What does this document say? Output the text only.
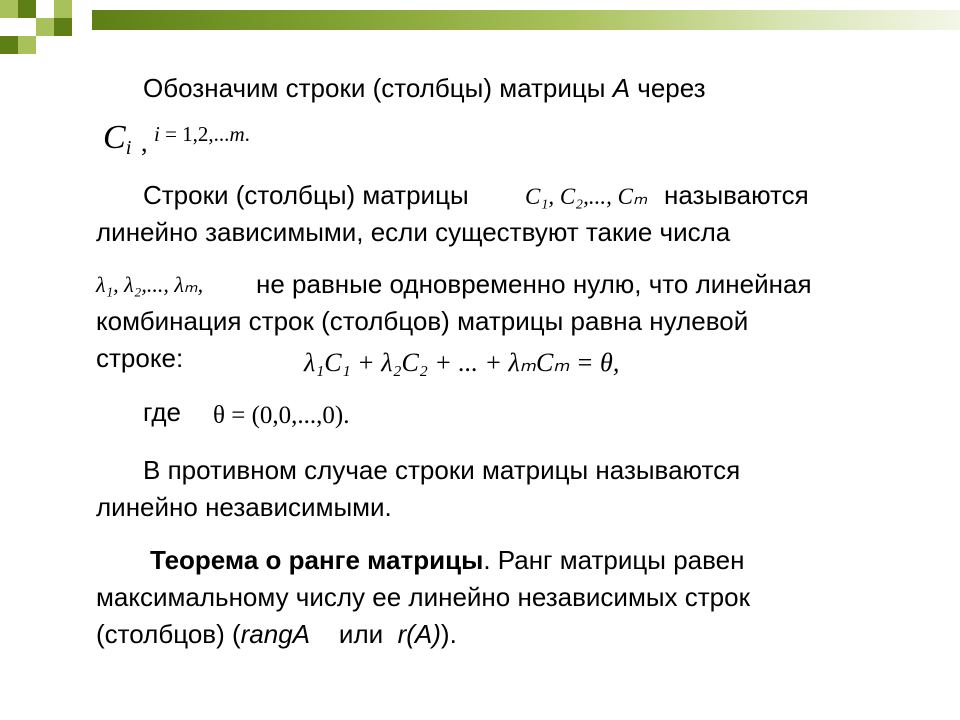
Обозначим строки (столбцы) матрицы A через

$C_i$ , i = 1,2,...m.

Строки (столбцы) матрицы C₁, C₂,..., Cₘ называются

линейно зависимыми, если существуют такие числа

λ₁, λ₂,..., λₘ, не равные одновременно нулю, что линейная

комбинация строк (столбцов) матрицы равна нулевой

строке:	λ₁C₁ + λ₂C₂ + ... + λₘCₘ = θ,

где θ = (0,0,...,0).

В противном случае строки матрицы называются

линейно независимыми.

Теорема о ранге матрицы. Ранг матрицы равен

максимальному числу ее линейно независимых строк

(столбцов) (rangA    или  r(A)).
